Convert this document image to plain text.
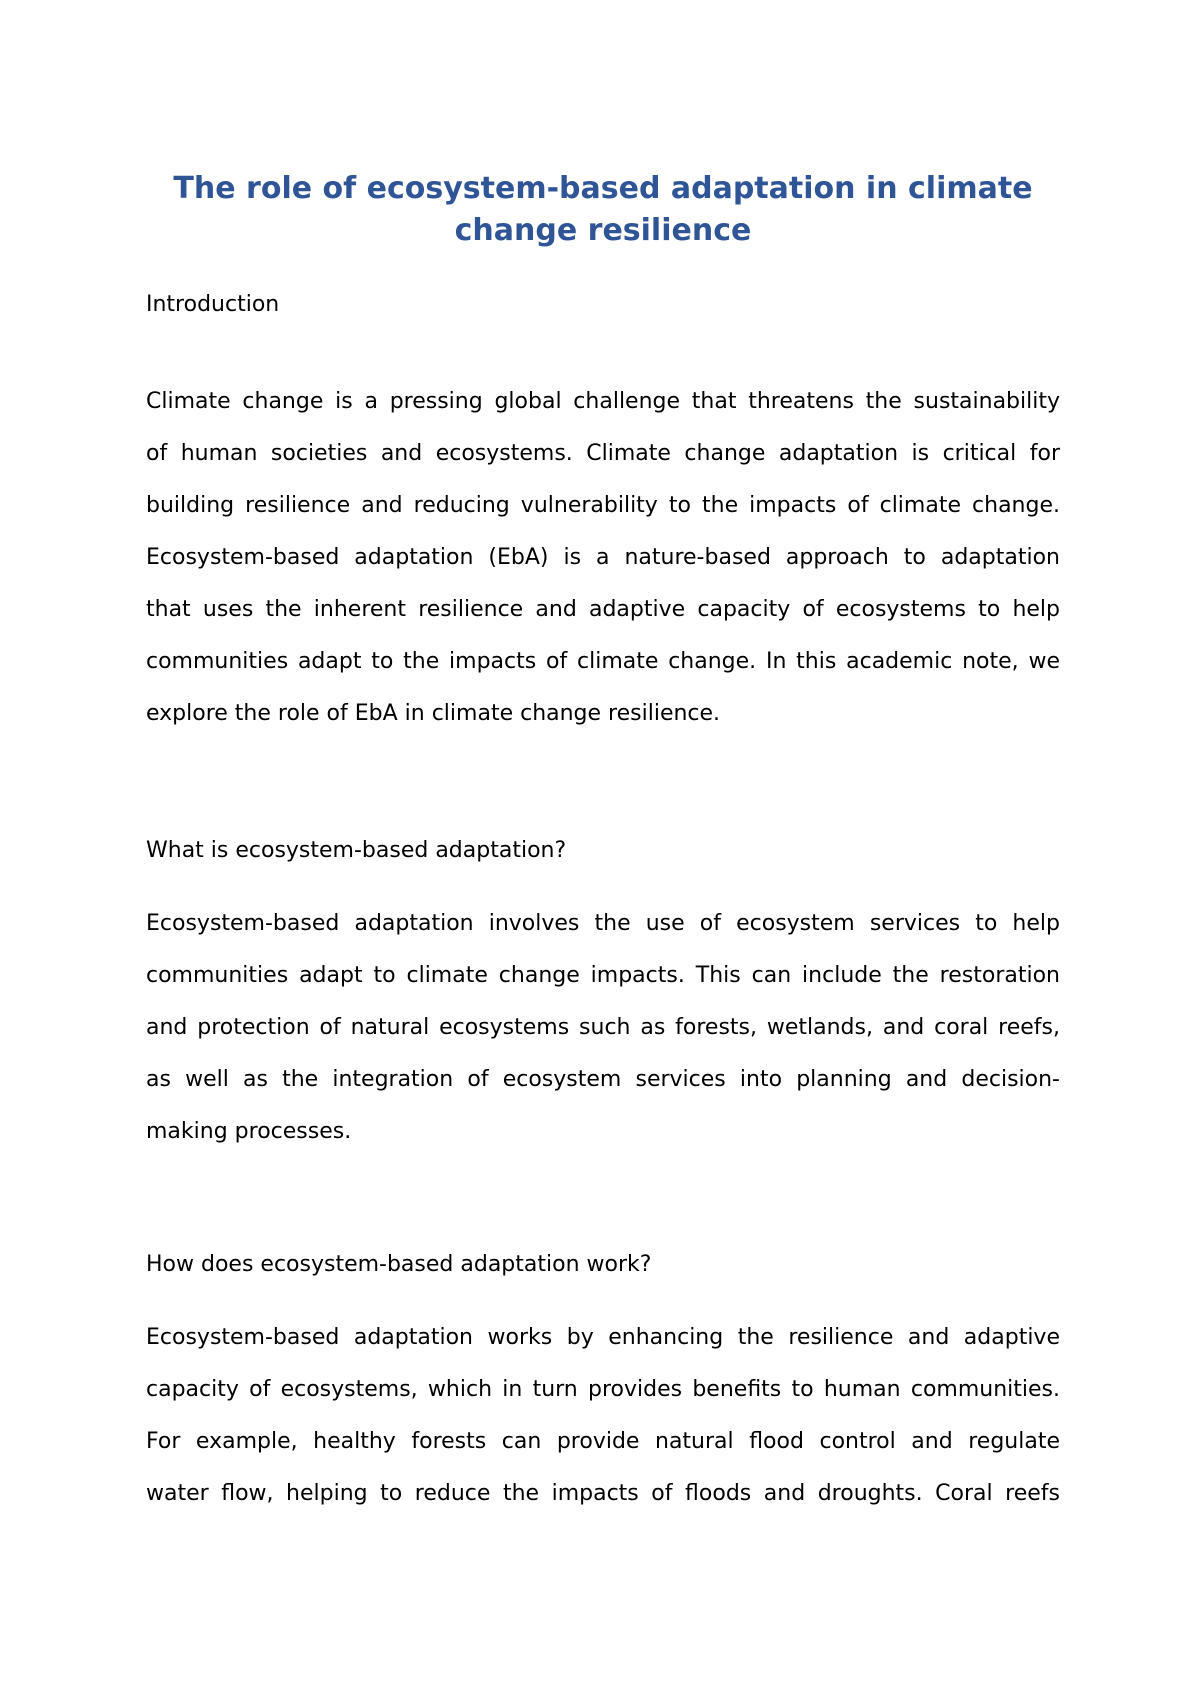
The role of ecosystem-based adaptation in climate change resilience
Introduction
Climate change is a pressing global challenge that threatens the sustainability
of human societies and ecosystems. Climate change adaptation is critical for
building resilience and reducing vulnerability to the impacts of climate change.
Ecosystem-based adaptation (EbA) is a nature-based approach to adaptation
that uses the inherent resilience and adaptive capacity of ecosystems to help
communities adapt to the impacts of climate change. In this academic note, we
explore the role of EbA in climate change resilience.
What is ecosystem-based adaptation?
Ecosystem-based adaptation involves the use of ecosystem services to help
communities adapt to climate change impacts. This can include the restoration
and protection of natural ecosystems such as forests, wetlands, and coral reefs,
as well as the integration of ecosystem services into planning and decision-
making processes.
How does ecosystem-based adaptation work?
Ecosystem-based adaptation works by enhancing the resilience and adaptive
capacity of ecosystems, which in turn provides benefits to human communities.
For example, healthy forests can provide natural flood control and regulate
water flow, helping to reduce the impacts of floods and droughts. Coral reefs
